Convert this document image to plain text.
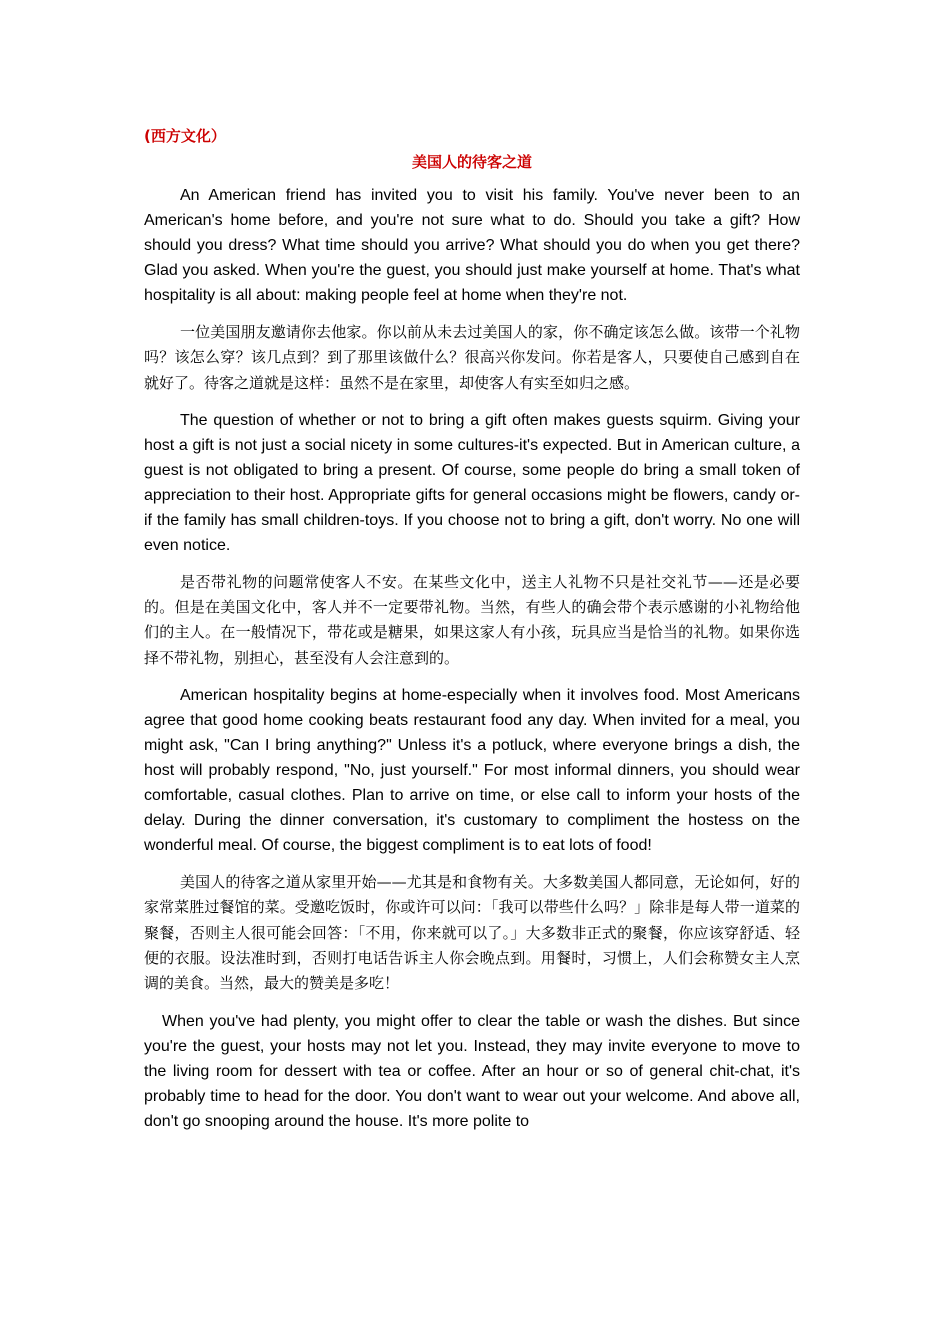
(西方文化）

美国人的待客之道

An American friend has invited you to visit his family. You've never been to an American's home before, and you're not sure what to do. Should you take a gift? How should you dress? What time should you arrive? What should you do when you get there? Glad you asked. When you're the guest, you should just make yourself at home. That's what hospitality is all about: making people feel at home when they're not.

一位美国朋友邀请你去他家。你以前从未去过美国人的家，你不确定该怎么做。该带一个礼物吗？该怎么穿？该几点到？到了那里该做什么？很高兴你发问。你若是客人，只要使自己感到自在就好了。待客之道就是这样：虽然不是在家里，却使客人有实至如归之感。

The question of whether or not to bring a gift often makes guests squirm. Giving your host a gift is not just a social nicety in some cultures-it's expected. But in American culture, a guest is not obligated to bring a present. Of course, some people do bring a small token of appreciation to their host. Appropriate gifts for general occasions might be flowers, candy or-if the family has small children-toys. If you choose not to bring a gift, don't worry. No one will even notice.

是否带礼物的问题常使客人不安。在某些文化中，送主人礼物不只是社交礼节——还是必要的。但是在美国文化中，客人并不一定要带礼物。当然，有些人的确会带个表示感谢的小礼物给他们的主人。在一般情况下，带花或是糖果，如果这家人有小孩，玩具应当是恰当的礼物。如果你选择不带礼物，别担心，甚至没有人会注意到的。

American hospitality begins at home-especially when it involves food. Most Americans agree that good home cooking beats restaurant food any day. When invited for a meal, you might ask, "Can I bring anything?" Unless it's a potluck, where everyone brings a dish, the host will probably respond, "No, just yourself." For most informal dinners, you should wear comfortable, casual clothes. Plan to arrive on time, or else call to inform your hosts of the delay. During the dinner conversation, it's customary to compliment the hostess on the wonderful meal. Of course, the biggest compliment is to eat lots of food!

美国人的待客之道从家里开始——尤其是和食物有关。大多数美国人都同意，无论如何，好的家常菜胜过餐馆的菜。受邀吃饭时，你或许可以问：「我可以带些什么吗？」除非是每人带一道菜的聚餐，否则主人很可能会回答：「不用，你来就可以了。」大多数非正式的聚餐，你应该穿舒适、轻便的衣服。设法准时到，否则打电话告诉主人你会晚点到。用餐时，习惯上，人们会称赞女主人烹调的美食。当然，最大的赞美是多吃！

When you've had plenty, you might offer to clear the table or wash the dishes. But since you're the guest, your hosts may not let you. Instead, they may invite everyone to move to the living room for dessert with tea or coffee. After an hour or so of general chit-chat, it's probably time to head for the door. You don't want to wear out your welcome. And above all, don't go snooping around the house. It's more polite to
